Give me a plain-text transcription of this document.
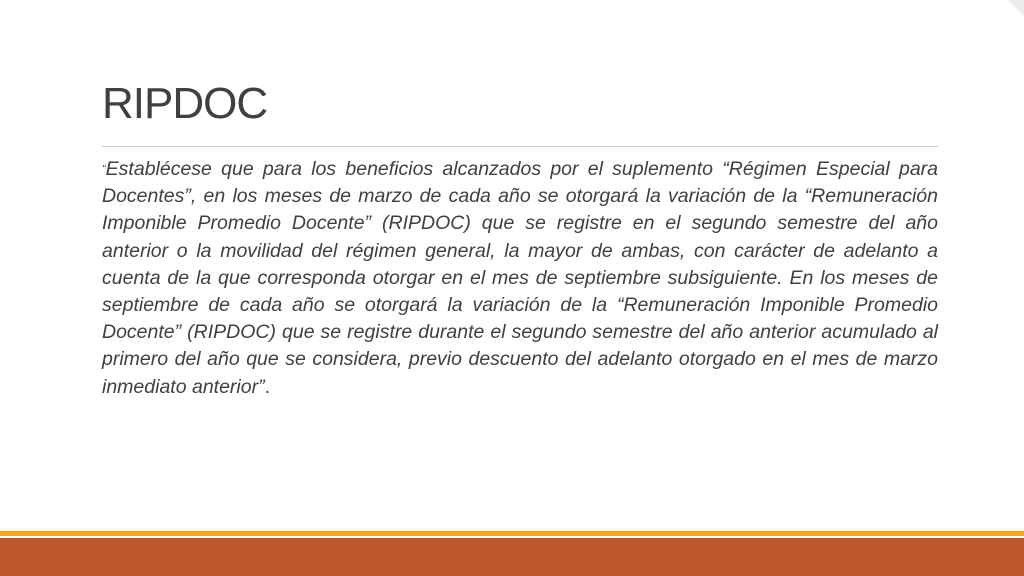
RIPDOC

“Establécese que para los beneficios alcanzados por el suplemento “Régimen Especial para Docentes”, en los meses de marzo de cada año se otorgará la variación de la “Remuneración Imponible Promedio Docente” (RIPDOC) que se registre en el segundo semestre del año anterior o la movilidad del régimen general, la mayor de ambas, con carácter de adelanto a cuenta de la que corresponda otorgar en el mes de septiembre subsiguiente. En los meses de septiembre de cada año se otorgará la variación de la “Remuneración Imponible Promedio Docente” (RIPDOC) que se registre durante el segundo semestre del año anterior acumulado al primero del año que se considera, previo descuento del adelanto otorgado en el mes de marzo inmediato anterior”.
